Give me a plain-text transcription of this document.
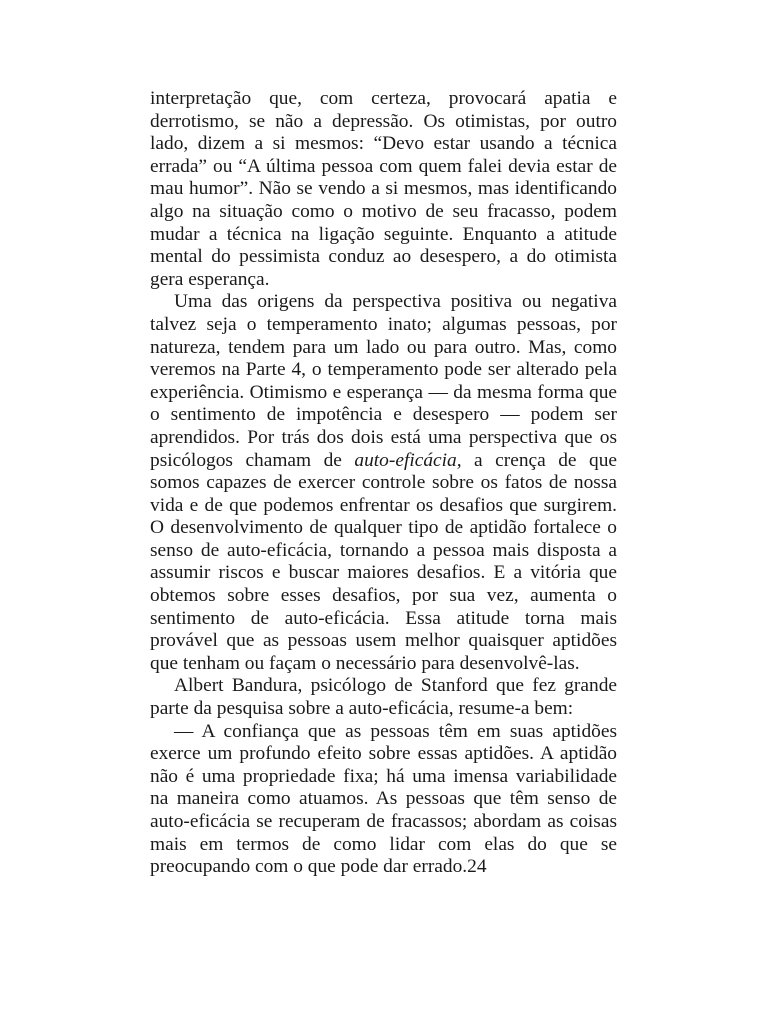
interpretação que, com certeza, provocará apatia e derrotismo, se não a depressão. Os otimistas, por outro lado, dizem a si mesmos: “Devo estar usando a técnica errada” ou “A última pessoa com quem falei devia estar de mau humor”. Não se vendo a si mesmos, mas identificando algo na situação como o motivo de seu fracasso, podem mudar a técnica na ligação seguinte. Enquanto a atitude mental do pessimista conduz ao desespero, a do otimista gera esperança.

Uma das origens da perspectiva positiva ou negativa talvez seja o temperamento inato; algumas pessoas, por natureza, tendem para um lado ou para outro. Mas, como veremos na Parte 4, o temperamento pode ser alterado pela experiência. Otimismo e esperança — da mesma forma que o sentimento de impotência e desespero — podem ser aprendidos. Por trás dos dois está uma perspectiva que os psicólogos chamam de auto-eficácia, a crença de que somos capazes de exercer controle sobre os fatos de nossa vida e de que podemos enfrentar os desafios que surgirem. O desenvolvimento de qualquer tipo de aptidão fortalece o senso de auto-eficácia, tornando a pessoa mais disposta a assumir riscos e buscar maiores desafios. E a vitória que obtemos sobre esses desafios, por sua vez, aumenta o sentimento de auto-eficácia. Essa atitude torna mais provável que as pessoas usem melhor quaisquer aptidões que tenham ou façam o necessário para desenvolvê-las.

Albert Bandura, psicólogo de Stanford que fez grande parte da pesquisa sobre a auto-eficácia, resume-a bem:

— A confiança que as pessoas têm em suas aptidões exerce um profundo efeito sobre essas aptidões. A aptidão não é uma propriedade fixa; há uma imensa variabilidade na maneira como atuamos. As pessoas que têm senso de auto-eficácia se recuperam de fracassos; abordam as coisas mais em termos de como lidar com elas do que se preocupando com o que pode dar errado.24
